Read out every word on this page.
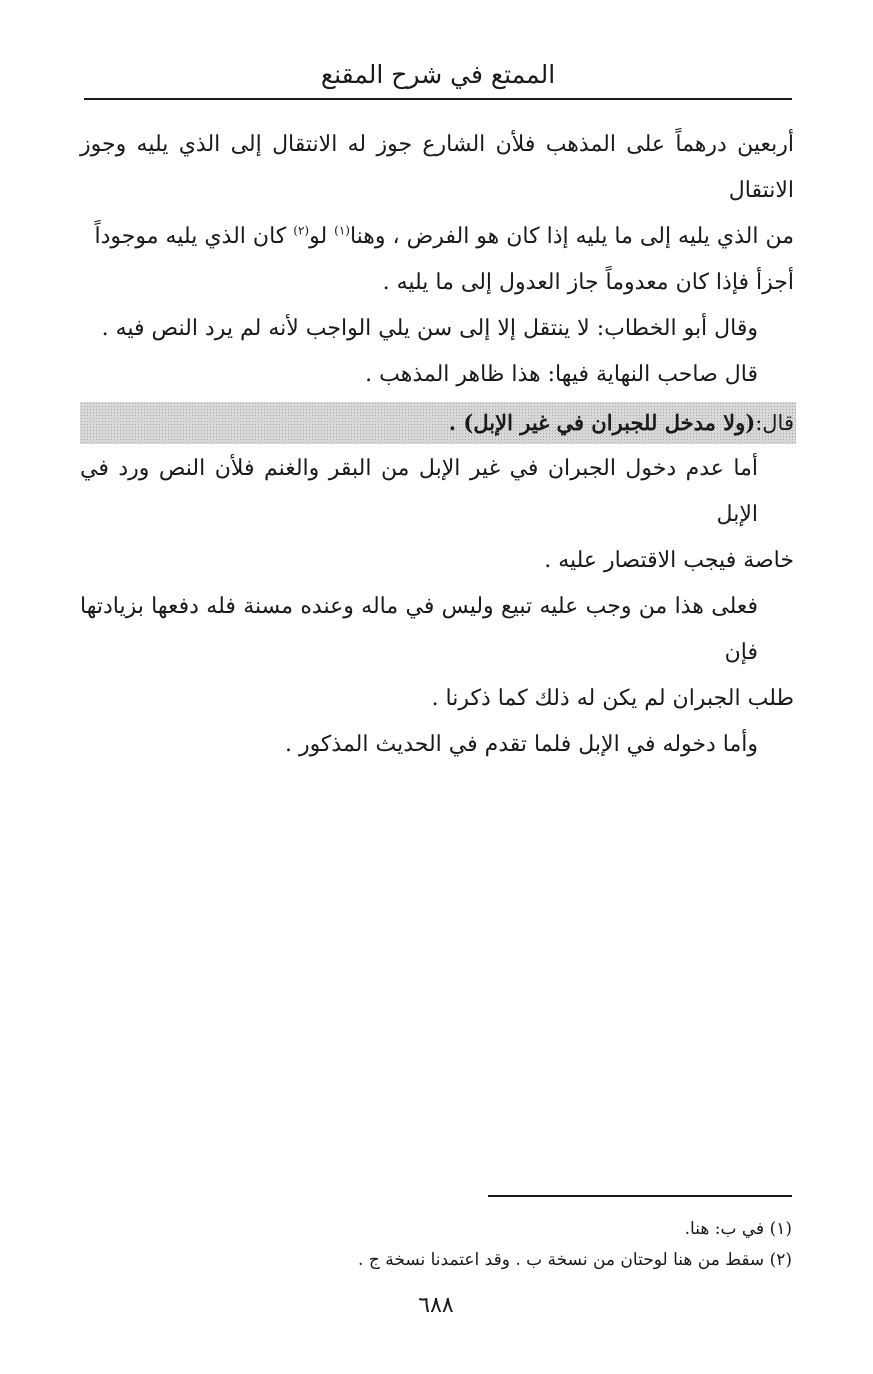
الممتع في شرح المقنع

أربعين درهماً على المذهب فلأن الشارع جوز له الانتقال إلى الذي يليه وجوز الانتقال
من الذي يليه إلى ما يليه إذا كان هو الفرض ، وهنا$^{(١)}$ لو$^{(٢)}$ كان الذي يليه موجوداً
أجزأ فإذا كان معدوماً جاز العدول إلى ما يليه .

وقال أبو الخطاب: لا ينتقل إلا إلى سن يلي الواجب لأنه لم يرد النص فيه .

قال صاحب النهاية فيها: هذا ظاهر المذهب .

قال:
(ولا مدخل للجبران في غير الإبل) .

أما عدم دخول الجبران في غير الإبل من البقر والغنم فلأن النص ورد في الإبل
خاصة فيجب الاقتصار عليه .

فعلى هذا من وجب عليه تبيع وليس في ماله وعنده مسنة فله دفعها بزيادتها فإن
طلب الجبران لم يكن له ذلك كما ذكرنا .

وأما دخوله في الإبل فلما تقدم في الحديث المذكور .

(١) في ب: هنا.

(٢) سقط من هنا لوحتان من نسخة ب . وقد اعتمدنا نسخة ج .

٦٨٨
